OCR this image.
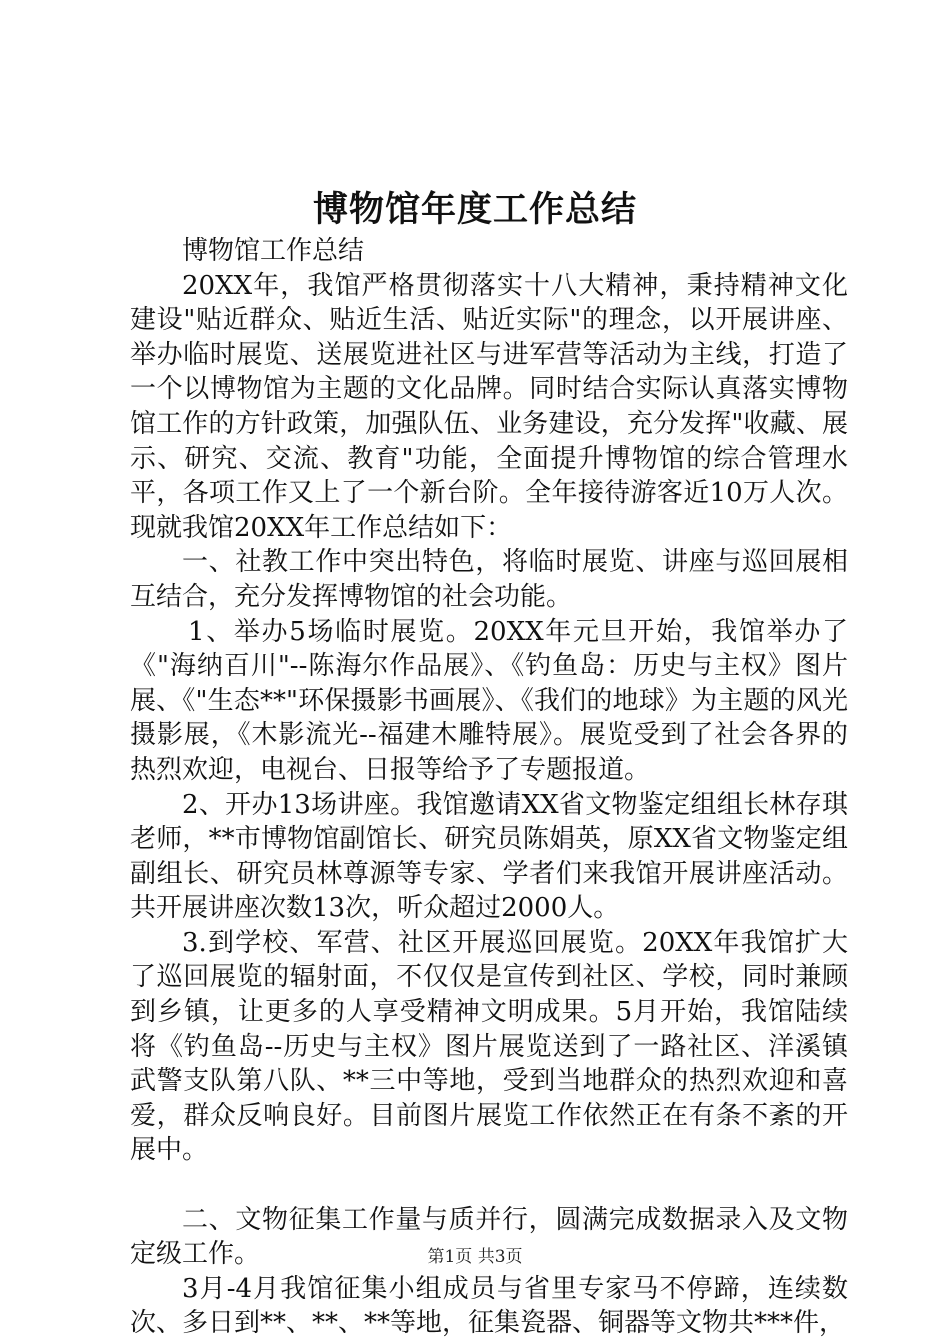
博物馆年度工作总结

博物馆工作总结

20XX年，我馆严格贯彻落实十八大精神，秉持精神文化建设"贴近群众、贴近生活、贴近实际"的理念，以开展讲座、举办临时展览、送展览进社区与进军营等活动为主线，打造了一个以博物馆为主题的文化品牌。同时结合实际认真落实博物馆工作的方针政策，加强队伍、业务建设，充分发挥"收藏、展示、研究、交流、教育"功能，全面提升博物馆的综合管理水平，各项工作又上了一个新台阶。全年接待游客近10万人次。现就我馆20XX年工作总结如下：

一、社教工作中突出特色，将临时展览、讲座与巡回展相互结合，充分发挥博物馆的社会功能。

1、举办5场临时展览。20XX年元旦开始，我馆举办了《"海纳百川"--陈海尔作品展》、《钓鱼岛：历史与主权》图片展、《"生态**"环保摄影书画展》、《我们的地球》为主题的风光摄影展，《木影流光--福建木雕特展》。展览受到了社会各界的热烈欢迎，电视台、日报等给予了专题报道。

2、开办13场讲座。我馆邀请XX省文物鉴定组组长林存琪老师，**市博物馆副馆长、研究员陈娟英，原XX省文物鉴定组副组长、研究员林尊源等专家、学者们来我馆开展讲座活动。共开展讲座次数13次，听众超过2000人。

3.到学校、军营、社区开展巡回展览。20XX年我馆扩大了巡回展览的辐射面，不仅仅是宣传到社区、学校，同时兼顾到乡镇，让更多的人享受精神文明成果。5月开始，我馆陆续将《钓鱼岛--历史与主权》图片展览送到了一路社区、洋溪镇武警支队第八队、**三中等地，受到当地群众的热烈欢迎和喜爱，群众反响良好。目前图片展览工作依然正在有条不紊的开展中。

二、文物征集工作量与质并行，圆满完成数据录入及文物定级工作。

3月-4月我馆征集小组成员与省里专家马不停蹄，连续数次、多日到**、**、**等地，征集瓷器、铜器等文物共***件，

第1页 共3页
